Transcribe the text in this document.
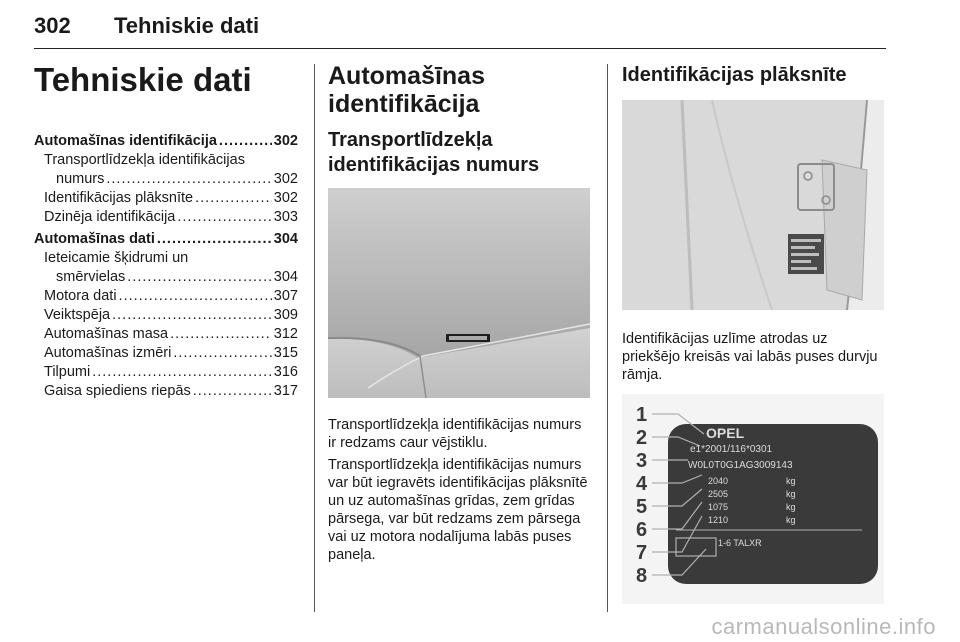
302 Tehniskie dati
Tehniskie dati
Automašīnas identifikācija .....	302
Transportlīdzekļa identifikācijas
numurs .....	302
Identifikācijas plāksnīte .....	302
Dzinēja identifikācija .....	303
Automašīnas dati .....	304
Ieteicamie šķidrumi un
smērvielas .....	304
Motora dati .....	307
Veiktspēja .....	309
Automašīnas masa .....	312
Automašīnas izmēri .....	315
Tilpumi .....	316
Gaisa spiediens riepās .....	317
Automašīnas
identifikācija
Transportlīdzekļa
identifikācijas numurs

Transportlīdzekļa identifikācijas numurs ir redzams caur vējstiklu.

Transportlīdzekļa identifikācijas numurs var būt iegravēts identifikācijas plāksnītē un uz automašīnas grīdas, zem grīdas pārsega, var būt redzams zem pārsega vai uz motora nodalījuma labās puses paneļa.

Identifikācijas plāksnīte

Identifikācijas uzlīme atrodas uz priekšējo kreisās vai labās puses durvju rāmja.

1
2
3
4
5
6
7
8
OPEL
e1*2001/116*0301
W0L0T0G1AG3009143
2040
2505
1075
1210
kg
kg
kg
kg
1-6 TALXR
carmanualsonline.info
